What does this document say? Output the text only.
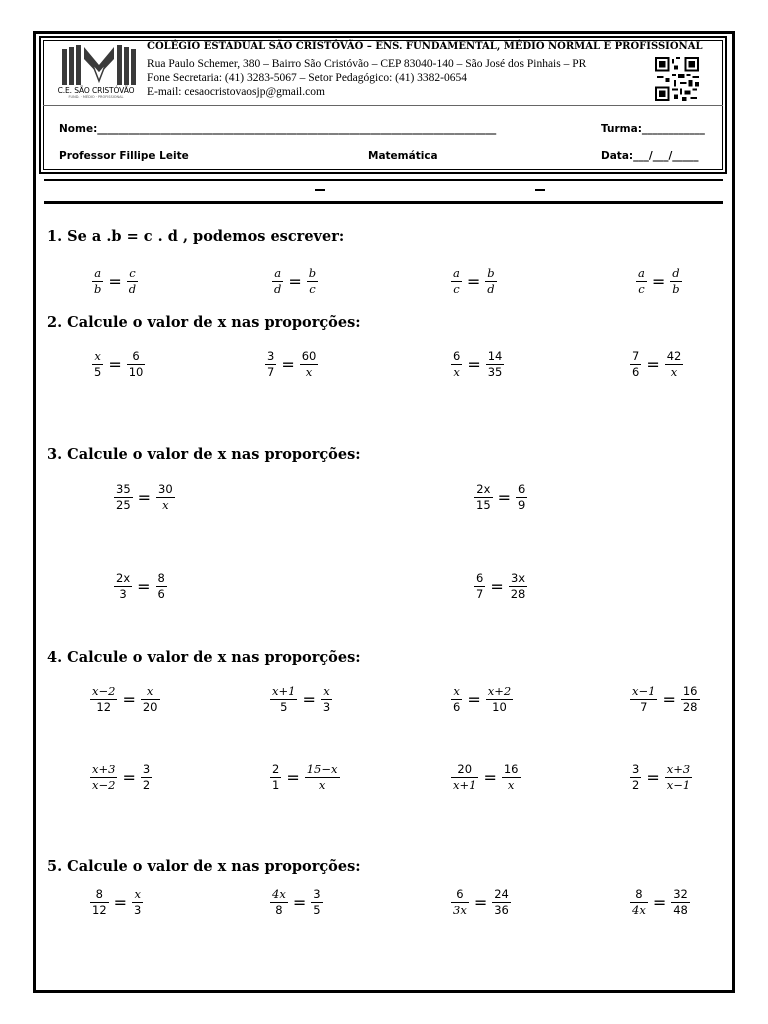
C.E. SÃO CRISTÓVÃO
FUND. · MÉDIO · PROFISSIONAL
COLÉGIO ESTADUAL SÃO CRISTÓVÃO – ENS. FUNDAMENTAL, MÉDIO NORMAL E PROFISSIONAL
Rua Paulo Schemer, 380 – Bairro São Cristóvão – CEP 83040-140 – São José dos Pinhais – PR
Fone Secretaria: (41) 3283-5067 – Setor Pedagógico: (41) 3382-0654
E-mail: cesaocristovaosjp@gmail.com
Nome:____________________________________________________________________________	Turma:____________
Professor Fillipe Leite	Matemática	Data:___/___/_____
1. Se a .b = c . d , podemos escrever:
$\frac{a}{b} = \frac{c}{d}$	$\frac{a}{d} = \frac{b}{c}$	$\frac{a}{c} = \frac{b}{d}$	$\frac{a}{c} = \frac{d}{b}$
2. Calcule o valor de x nas proporções:
$\frac{x}{5} = \frac{6}{10}$	$\frac{3}{7} = \frac{60}{x}$	$\frac{6}{x} = \frac{14}{35}$	$\frac{7}{6} = \frac{42}{x}$
3. Calcule o valor de x nas proporções:
$\frac{35}{25} = \frac{30}{x}$	$\frac{2x}{15} = \frac{6}{9}$
$\frac{2x}{3} = \frac{8}{6}$	$\frac{6}{7} = \frac{3x}{28}$
4. Calcule o valor de x nas proporções:
$\frac{x-2}{12} = \frac{x}{20}$	$\frac{x+1}{5} = \frac{x}{3}$	$\frac{x}{6} = \frac{x+2}{10}$	$\frac{x-1}{7} = \frac{16}{28}$
$\frac{x+3}{x-2} = \frac{3}{2}$	$\frac{2}{1} = \frac{15-x}{x}$	$\frac{20}{x+1} = \frac{16}{x}$	$\frac{3}{2} = \frac{x+3}{x-1}$
5. Calcule o valor de x nas proporções:
$\frac{8}{12} = \frac{x}{3}$	$\frac{4x}{8} = \frac{3}{5}$	$\frac{6}{3x} = \frac{24}{36}$	$\frac{8}{4x} = \frac{32}{48}$
